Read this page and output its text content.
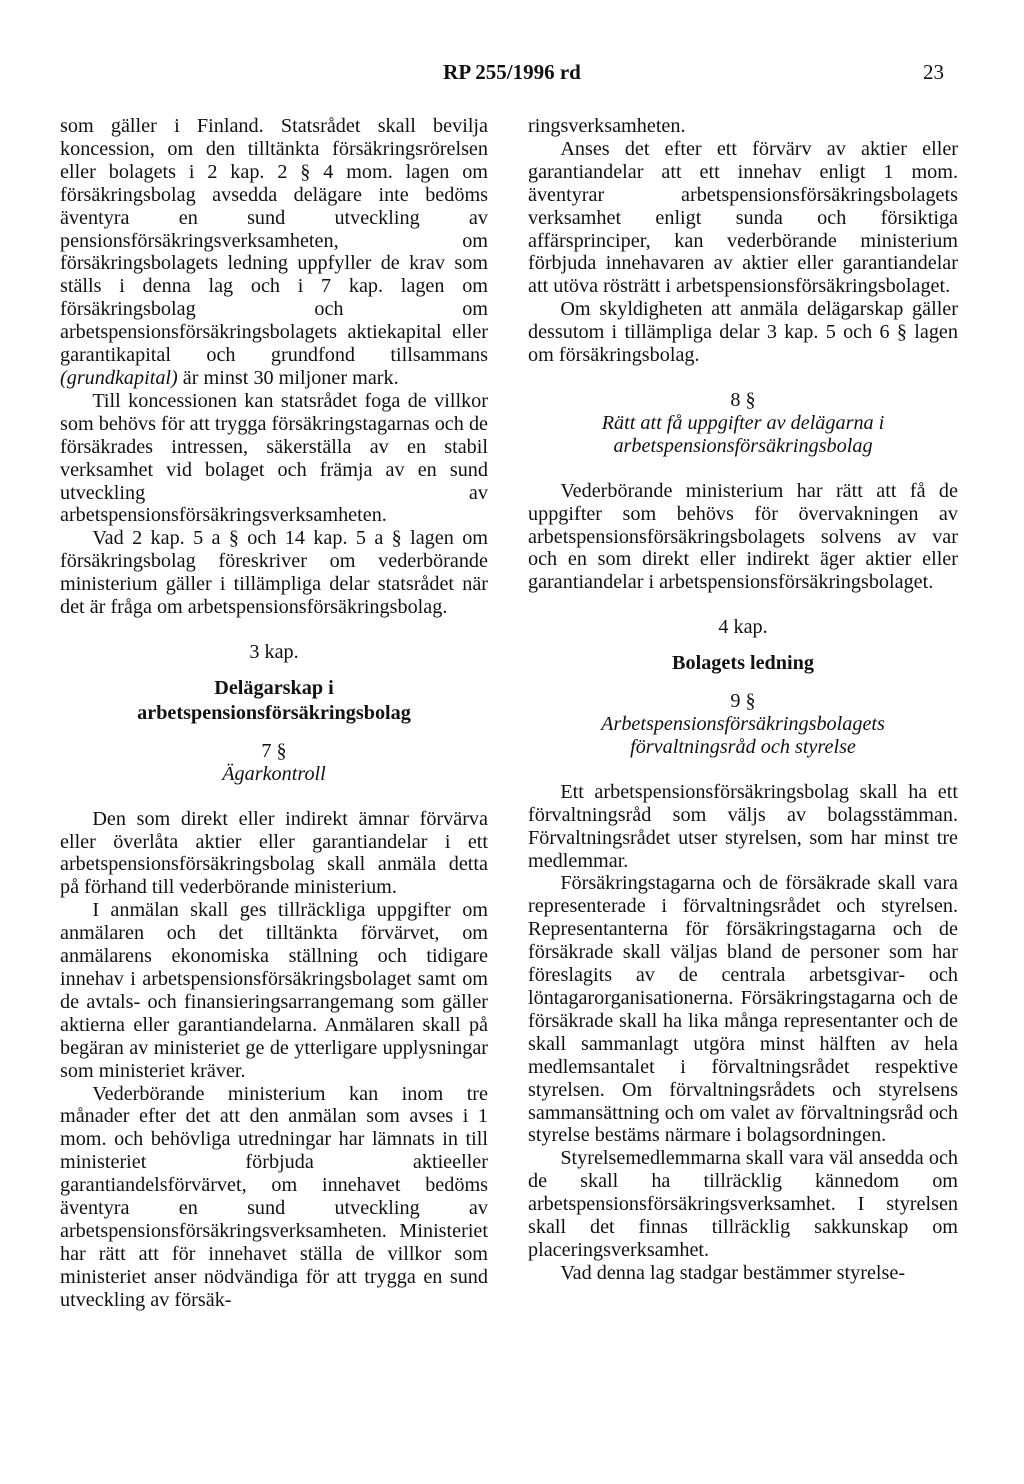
RP 255/1996 rd	23

som gäller i Finland. Statsrådet skall bevilja koncession, om den tilltänkta försäkringsrörelsen eller bolagets i 2 kap. 2 § 4 mom. lagen om försäkringsbolag avsedda delägare inte bedöms äventyra en sund utveckling av pensionsförsäkringsverksamheten, om försäkringsbolagets ledning uppfyller de krav som ställs i denna lag och i 7 kap. lagen om försäkringsbolag och om arbetspensionsförsäkringsbolagets aktiekapital eller garantikapital och grundfond tillsammans (grundkapital) är minst 30 miljoner mark.

Till koncessionen kan statsrådet foga de villkor som behövs för att trygga försäkringstagarnas och de försäkrades intressen, säkerställa av en stabil verksamhet vid bolaget och främja av en sund utveckling av arbetspensionsförsäkringsverksamheten.

Vad 2 kap. 5 a § och 14 kap. 5 a § lagen om försäkringsbolag föreskriver om vederbörande ministerium gäller i tillämpliga delar statsrådet när det är fråga om arbetspensionsförsäkringsbolag.

3 kap.
Delägarskap i
arbetspensionsförsäkringsbolag
7 §
Ägarkontroll

Den som direkt eller indirekt ämnar förvärva eller överlåta aktier eller garantiandelar i ett arbetspensionsförsäkringsbolag skall anmäla detta på förhand till vederbörande ministerium.

I anmälan skall ges tillräckliga uppgifter om anmälaren och det tilltänkta förvärvet, om anmälarens ekonomiska ställning och tidigare innehav i arbetspensionsförsäkringsbolaget samt om de avtals- och finansieringsarrangemang som gäller aktierna eller garantiandelarna. Anmälaren skall på begäran av ministeriet ge de ytterligare upplysningar som ministeriet kräver.

Vederbörande ministerium kan inom tre månader efter det att den anmälan som avses i 1 mom. och behövliga utredningar har lämnats in till ministeriet förbjuda aktieeller garantiandelsförvärvet, om innehavet bedöms äventyra en sund utveckling av arbetspensionsförsäkringsverksamheten. Ministeriet har rätt att för innehavet ställa de villkor som ministeriet anser nödvändiga för att trygga en sund utveckling av försäk-

ringsverksamheten.

Anses det efter ett förvärv av aktier eller garantiandelar att ett innehav enligt 1 mom. äventyrar arbetspensionsförsäkringsbolagets verksamhet enligt sunda och försiktiga affärsprinciper, kan vederbörande ministerium förbjuda innehavaren av aktier eller garantiandelar att utöva rösträtt i arbetspensionsförsäkringsbolaget.

Om skyldigheten att anmäla delägarskap gäller dessutom i tillämpliga delar 3 kap. 5 och 6 § lagen om försäkringsbolag.

8 §
Rätt att få uppgifter av delägarna i
arbetspensionsförsäkringsbolag

Vederbörande ministerium har rätt att få de uppgifter som behövs för övervakningen av arbetspensionsförsäkringsbolagets solvens av var och en som direkt eller indirekt äger aktier eller garantiandelar i arbetspensionsförsäkringsbolaget.

4 kap.
Bolagets ledning
9 §
Arbetspensionsförsäkringsbolagets
förvaltningsråd och styrelse

Ett arbetspensionsförsäkringsbolag skall ha ett förvaltningsråd som väljs av bolagsstämman. Förvaltningsrådet utser styrelsen, som har minst tre medlemmar.

Försäkringstagarna och de försäkrade skall vara representerade i förvaltningsrådet och styrelsen. Representanterna för försäkringstagarna och de försäkrade skall väljas bland de personer som har föreslagits av de centrala arbetsgivar- och löntagarorganisationerna. Försäkringstagarna och de försäkrade skall ha lika många representanter och de skall sammanlagt utgöra minst hälften av hela medlemsantalet i förvaltningsrådet respektive styrelsen. Om förvaltningsrådets och styrelsens sammansättning och om valet av förvaltningsråd och styrelse bestäms närmare i bolagsordningen.

Styrelsemedlemmarna skall vara väl ansedda och de skall ha tillräcklig kännedom om arbetspensionsförsäkringsverksamhet. I styrelsen skall det finnas tillräcklig sakkunskap om placeringsverksamhet.

Vad denna lag stadgar bestämmer styrelse-
